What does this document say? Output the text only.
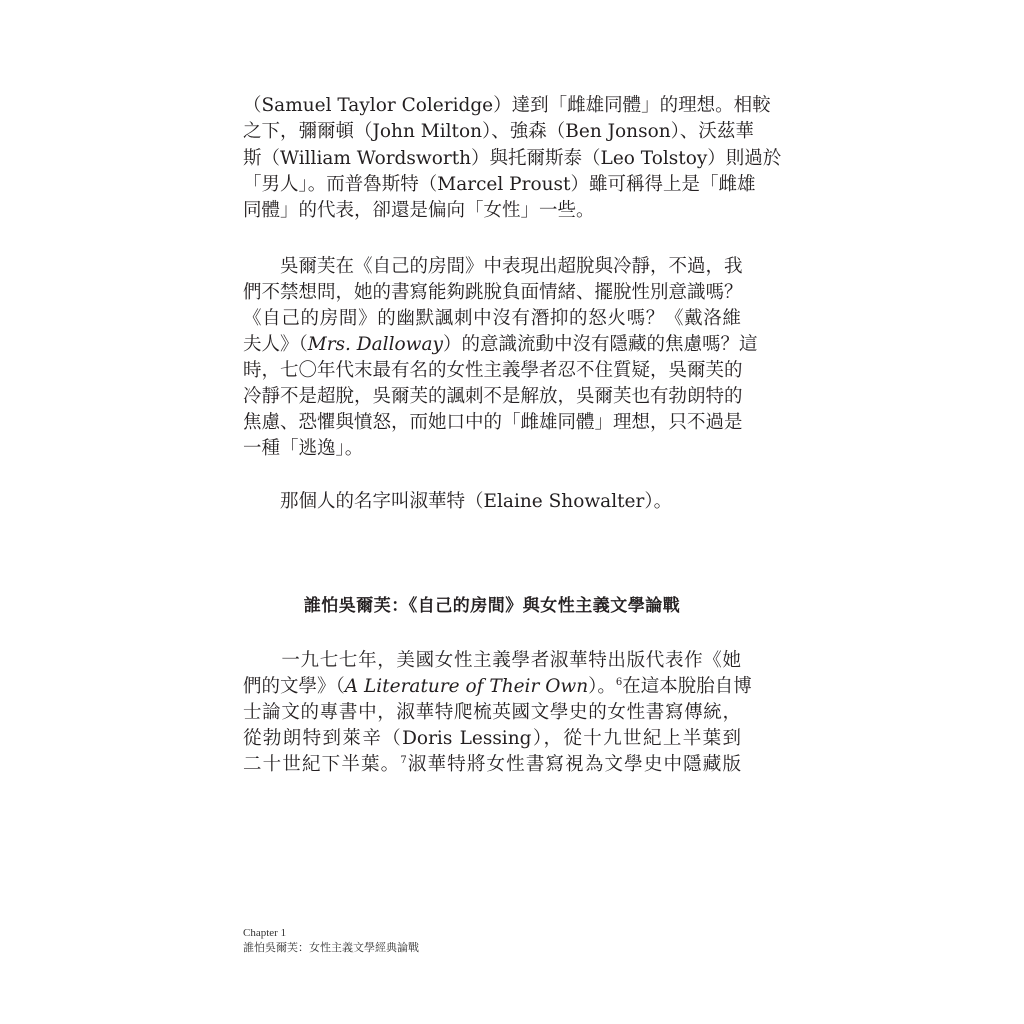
（Samuel Taylor Coleridge）達到「雌雄同體」的理想。相較
之下，彌爾頓（John Milton）、強森（Ben Jonson）、沃茲華
斯（William Wordsworth）與托爾斯泰（Leo Tolstoy）則過於
「男人」。而普魯斯特（Marcel Proust）雖可稱得上是「雌雄
同體」的代表，卻還是偏向「女性」一些。
　　吳爾芙在《自己的房間》中表現出超脫與冷靜，不過，我
們不禁想問，她的書寫能夠跳脫負面情緒、擺脫性別意識嗎？
《自己的房間》的幽默諷刺中沒有潛抑的怒火嗎？《戴洛維
夫人》（Mrs. Dalloway）的意識流動中沒有隱藏的焦慮嗎？這
時，七〇年代末最有名的女性主義學者忍不住質疑，吳爾芙的
冷靜不是超脫，吳爾芙的諷刺不是解放，吳爾芙也有勃朗特的
焦慮、恐懼與憤怒，而她口中的「雌雄同體」理想，只不過是
一種「逃逸」。
　　那個人的名字叫淑華特（Elaine Showalter）。
誰怕吳爾芙：《自己的房間》與女性主義文學論戰
　　一九七七年，美國女性主義學者淑華特出版代表作《她
們的文學》（A Literature of Their Own）。$^6$在這本脫胎自博
士論文的專書中，淑華特爬梳英國文學史的女性書寫傳統，
從勃朗特到萊辛（Doris Lessing），從十九世紀上半葉到
二十世紀下半葉。$^7$淑華特將女性書寫視為文學史中隱藏版
Chapter 1
誰怕吳爾芙：女性主義文學經典論戰
